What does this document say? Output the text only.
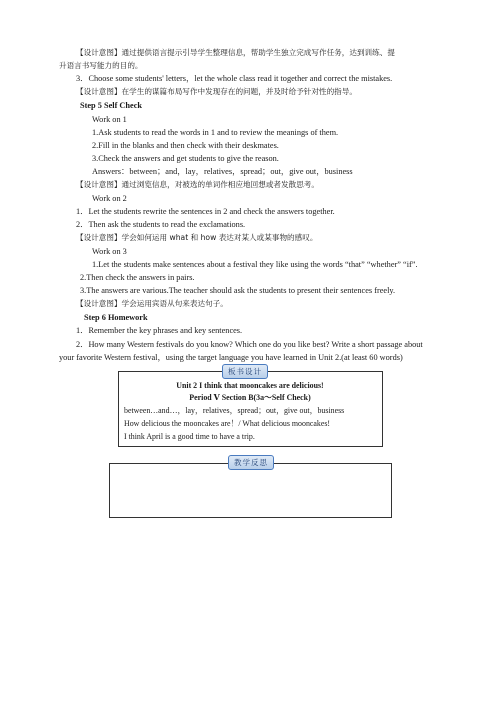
【设计意图】通过提供语言提示引导学生整理信息，帮助学生独立完成写作任务，达到训练、提
升语言书写能力的目的。
3．Choose some students' letters，let the whole class read it together and correct the mistakes.
【设计意图】在学生的谋篇布局写作中发现存在的问题，并及时给予针对性的指导。
Step 5 Self Check
Work on 1
1.Ask students to read the words in 1 and to review the meanings of them.
2.Fill in the blanks and then check with their deskmates.
3.Check the answers and get students to give the reason.
Answers：between；and，lay，relatives，spread；out，give out，business
【设计意图】通过浏览信息，对被选的单词作相应地回想或者发散思考。
Work on 2
1．Let the students rewrite the sentences in 2 and check the answers together.
2．Then ask the students to read the exclamations.
【设计意图】学会如何运用 what 和 how 表达对某人或某事物的感叹。
Work on 3
1.Let the students make sentences about a festival they like using the words “that” “whether” “if”.
2.Then check the answers in pairs.
3.The answers are various.The teacher should ask the students to present their sentences freely.
【设计意图】学会运用宾语从句来表达句子。
Step 6 Homework
1．Remember the key phrases and key sentences.
2．How many Western festivals do you know? Which one do you like best? Write a short passage about
your favorite Western festival，using the target language you have learned in Unit 2.(at least 60 words)
板书设计
Unit 2 I think that mooncakes are delicious!
Period Ⅴ Section B(3a～Self Check)
between…and…，lay，relatives，spread；out，give out，business
How delicious the mooncakes are！/ What delicious mooncakes!
I think April is a good time to have a trip.
教学反思
